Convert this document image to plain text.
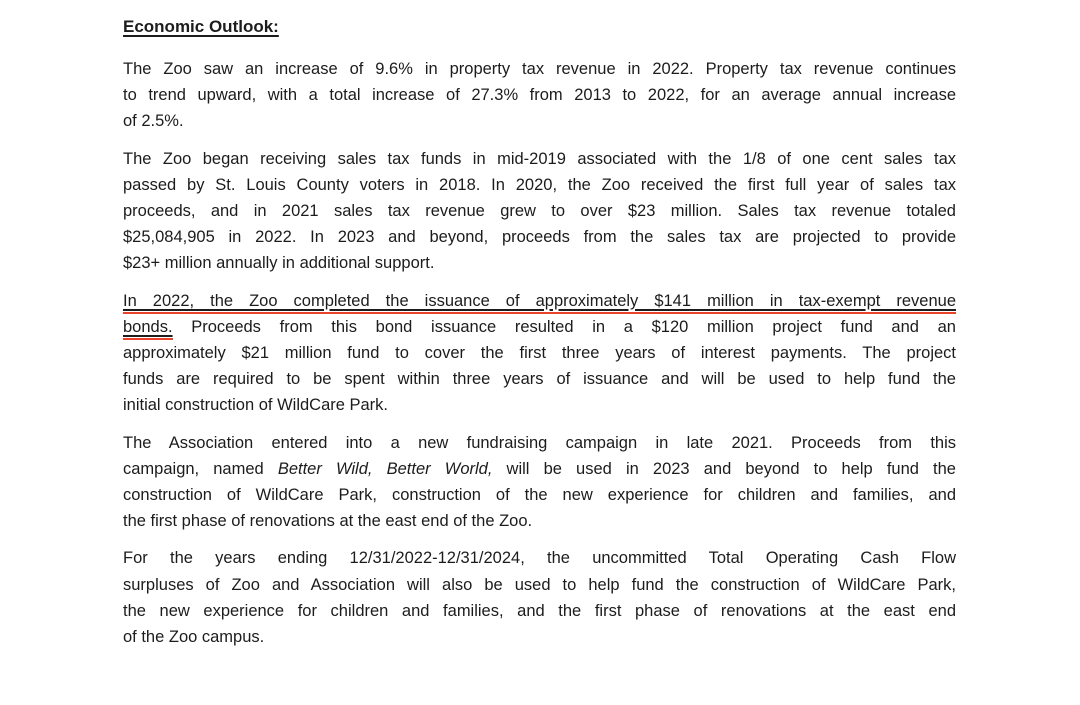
Economic Outlook:
The Zoo saw an increase of 9.6% in property tax revenue in 2022. Property tax revenue continues
to trend upward, with a total increase of 27.3% from 2013 to 2022, for an average annual increase
of 2.5%.
The Zoo began receiving sales tax funds in mid-2019 associated with the 1/8 of one cent sales tax
passed by St. Louis County voters in 2018. In 2020, the Zoo received the first full year of sales tax
proceeds, and in 2021 sales tax revenue grew to over $23 million. Sales tax revenue totaled
$25,084,905 in 2022. In 2023 and beyond, proceeds from the sales tax are projected to provide
$23+ million annually in additional support.
In 2022, the Zoo completed the issuance of approximately $141 million in tax-exempt revenue
bonds. Proceeds from this bond issuance resulted in a $120 million project fund and an
approximately $21 million fund to cover the first three years of interest payments. The project
funds are required to be spent within three years of issuance and will be used to help fund the
initial construction of WildCare Park.
The Association entered into a new fundraising campaign in late 2021. Proceeds from this
campaign, named Better Wild, Better World, will be used in 2023 and beyond to help fund the
construction of WildCare Park, construction of the new experience for children and families, and
the first phase of renovations at the east end of the Zoo.
For the years ending 12/31/2022-12/31/2024, the uncommitted Total Operating Cash Flow
surpluses of Zoo and Association will also be used to help fund the construction of WildCare Park,
the new experience for children and families, and the first phase of renovations at the east end
of the Zoo campus.
